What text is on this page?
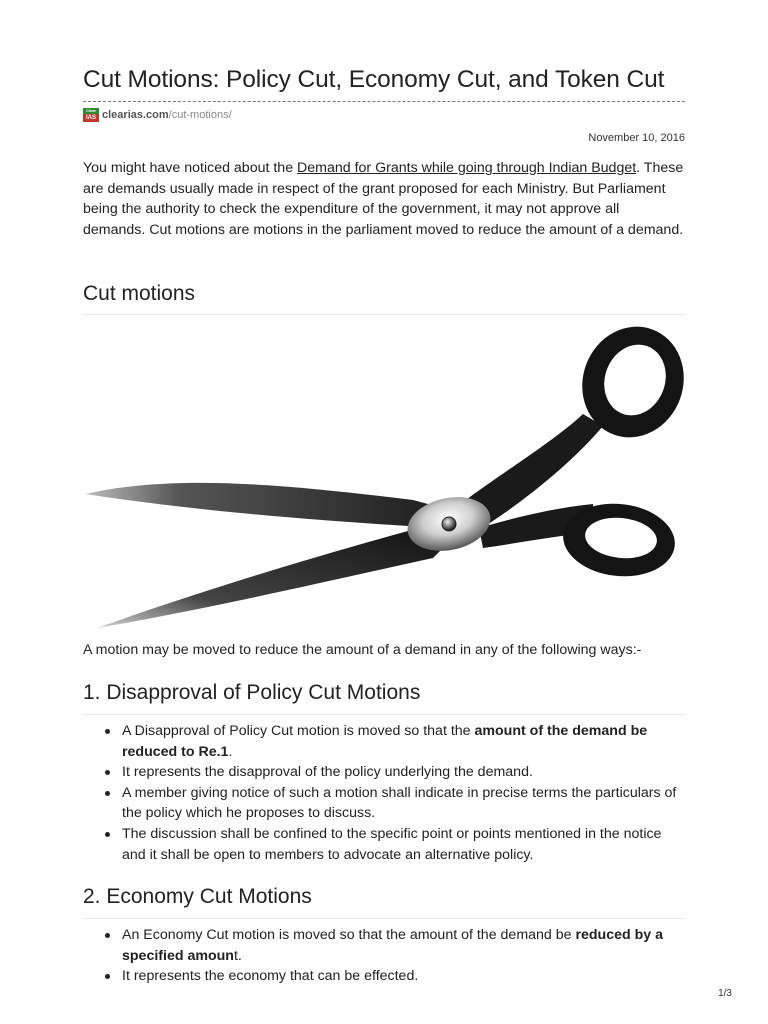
Cut Motions: Policy Cut, Economy Cut, and Token Cut
Clear
IAS clearias.com /cut-motions/
November 10, 2016

You might have noticed about the Demand for Grants while going through Indian Budget. These are demands usually made in respect of the grant proposed for each Ministry. But Parliament being the authority to check the expenditure of the government, it may not approve all demands. Cut motions are motions in the parliament moved to reduce the amount of a demand.

Cut motions

A motion may be moved to reduce the amount of a demand in any of the following ways:-

1. Disapproval of Policy Cut Motions
A Disapproval of Policy Cut motion is moved so that the amount of the demand be reduced to Re.1.
It represents the disapproval of the policy underlying the demand.
A member giving notice of such a motion shall indicate in precise terms the particulars of the policy which he proposes to discuss.
The discussion shall be confined to the specific point or points mentioned in the notice and it shall be open to members to advocate an alternative policy.
2. Economy Cut Motions
An Economy Cut motion is moved so that the amount of the demand be reduced by a specified amount.
It represents the economy that can be effected.
1/3
